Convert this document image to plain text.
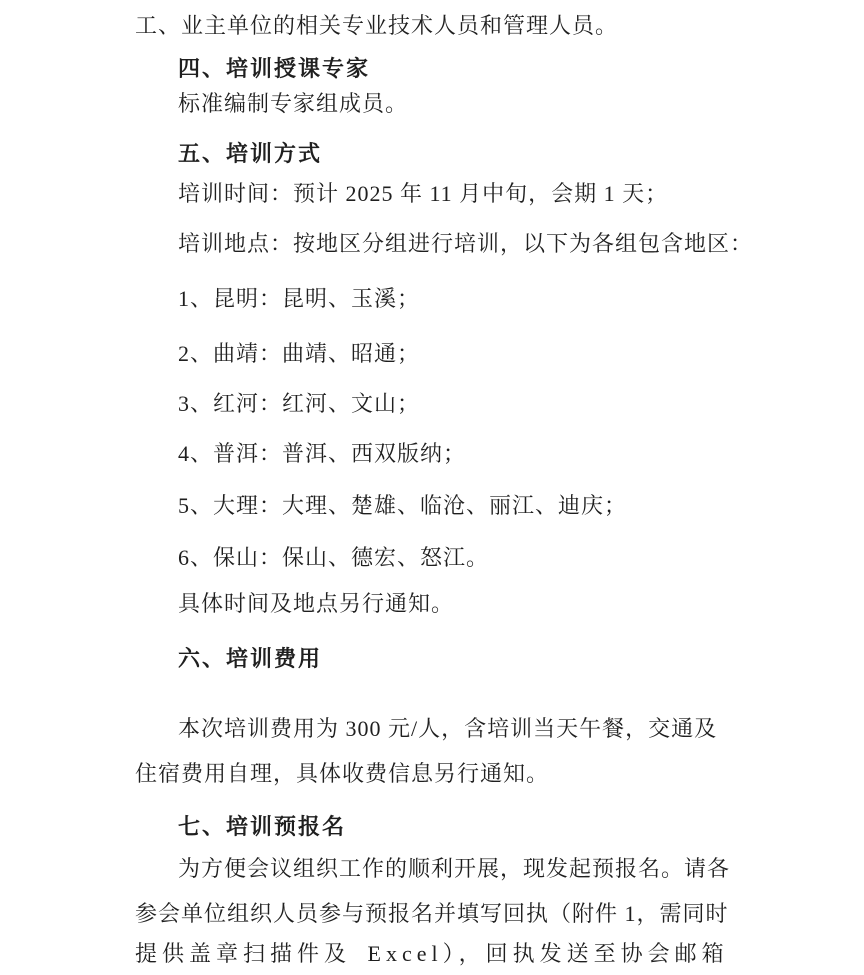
工、业主单位的相关专业技术人员和管理人员。
四、培训授课专家
标准编制专家组成员。
五、培训方式
培训时间：预计 2025 年 11 月中旬，会期 1 天；
培训地点：按地区分组进行培训，以下为各组包含地区：
1、昆明：昆明、玉溪；
2、曲靖：曲靖、昭通；
3、红河：红河、文山；
4、普洱：普洱、西双版纳；
5、大理：大理、楚雄、临沧、丽江、迪庆；
6、保山：保山、德宏、怒江。
具体时间及地点另行通知。
六、培训费用
本次培训费用为 300 元/人，含培训当天午餐，交通及
住宿费用自理，具体收费信息另行通知。
七、培训预报名
为方便会议组织工作的顺利开展，现发起预报名。请各
参会单位组织人员参与预报名并填写回执（附件 1，需同时
提供盖章扫描件及 Excel），回执发送至协会邮箱
